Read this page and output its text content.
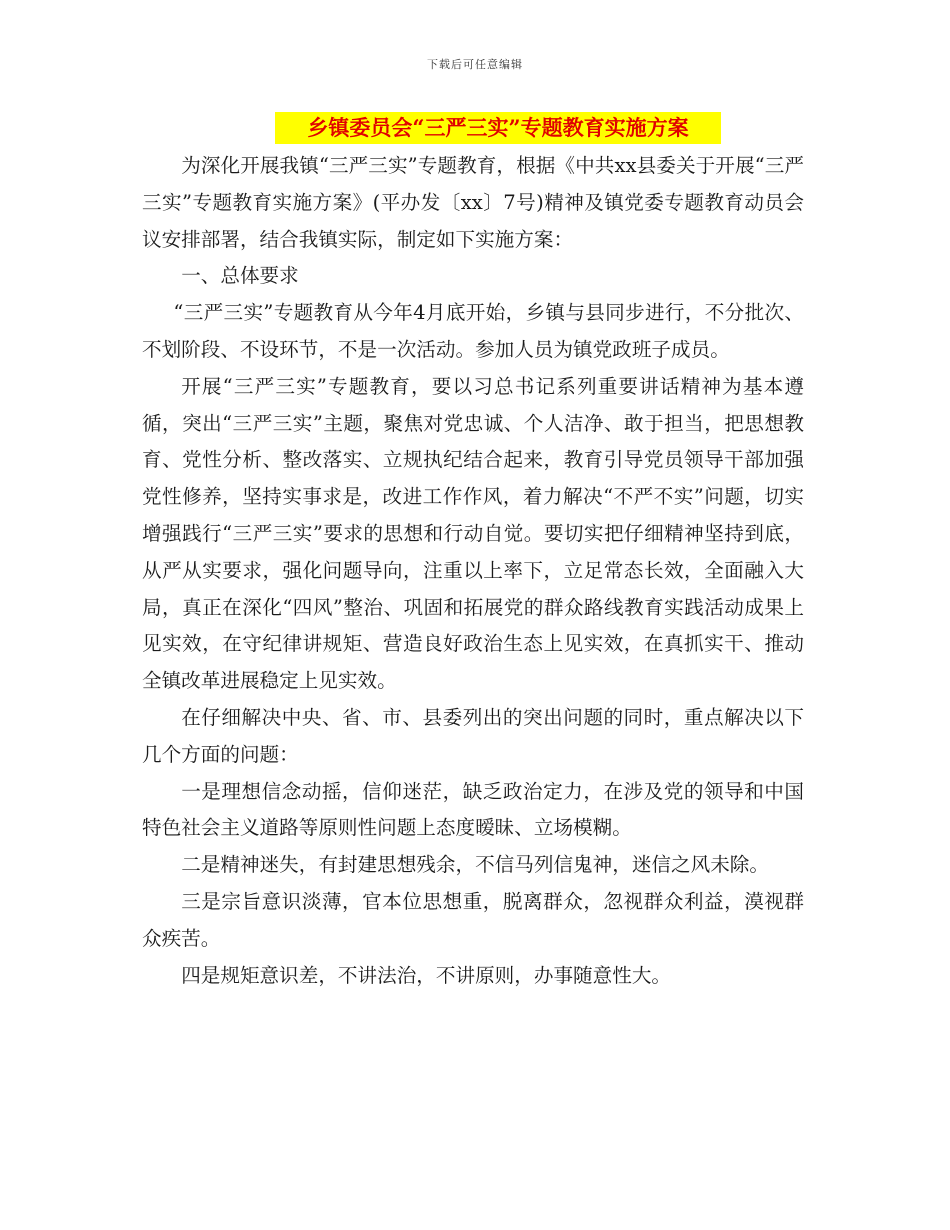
下载后可任意编辑
乡镇委员会“三严三实”专题教育实施方案

为深化开展我镇“三严三实”专题教育，根据《中共xx县委关于开展“三严三实”专题教育实施方案》(平办发〔xx〕7号)精神及镇党委专题教育动员会议安排部署，结合我镇实际，制定如下实施方案：

一、总体要求

“三严三实”专题教育从今年4月底开始，乡镇与县同步进行，不分批次、不划阶段、不设环节，不是一次活动。参加人员为镇党政班子成员。

开展“三严三实”专题教育，要以习总书记系列重要讲话精神为基本遵循，突出“三严三实”主题，聚焦对党忠诚、个人洁净、敢于担当，把思想教育、党性分析、整改落实、立规执纪结合起来，教育引导党员领导干部加强党性修养，坚持实事求是，改进工作作风，着力解决“不严不实”问题，切实增强践行“三严三实”要求的思想和行动自觉。要切实把仔细精神坚持到底，从严从实要求，强化问题导向，注重以上率下，立足常态长效，全面融入大局，真正在深化“四风”整治、巩固和拓展党的群众路线教育实践活动成果上见实效，在守纪律讲规矩、营造良好政治生态上见实效，在真抓实干、推动全镇改革进展稳定上见实效。

在仔细解决中央、省、市、县委列出的突出问题的同时，重点解决以下几个方面的问题：

一是理想信念动摇，信仰迷茫，缺乏政治定力，在涉及党的领导和中国特色社会主义道路等原则性问题上态度暧昧、立场模糊。

二是精神迷失，有封建思想残余，不信马列信鬼神，迷信之风未除。

三是宗旨意识淡薄，官本位思想重，脱离群众，忽视群众利益，漠视群众疾苦。

四是规矩意识差，不讲法治，不讲原则，办事随意性大。
